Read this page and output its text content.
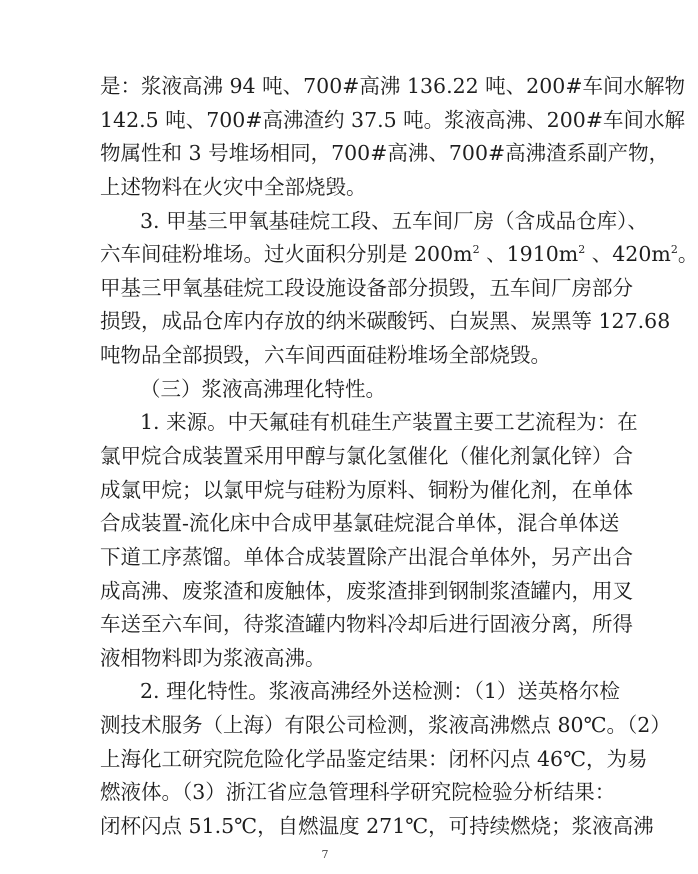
是：浆液高沸 94 吨、700#高沸 136.22 吨、200#车间水解物
142.5 吨、700#高沸渣约 37.5 吨。浆液高沸、200#车间水解
物属性和 3 号堆场相同，700#高沸、700#高沸渣系副产物，
上述物料在火灾中全部烧毁。
3. 甲基三甲氧基硅烷工段、五车间厂房（含成品仓库）、
六车间硅粉堆场。过火面积分别是 $200m^2$ 、$1910m^2$ 、$420m^2$。
甲基三甲氧基硅烷工段设施设备部分损毁，五车间厂房部分
损毁，成品仓库内存放的纳米碳酸钙、白炭黑、炭黑等 127.68
吨物品全部损毁，六车间西面硅粉堆场全部烧毁。
（三）浆液高沸理化特性。
1. 来源。中天氟硅有机硅生产装置主要工艺流程为：在
氯甲烷合成装置采用甲醇与氯化氢催化（催化剂氯化锌）合
成氯甲烷；以氯甲烷与硅粉为原料、铜粉为催化剂，在单体
合成装置-流化床中合成甲基氯硅烷混合单体，混合单体送
下道工序蒸馏。单体合成装置除产出混合单体外，另产出合
成高沸、废浆渣和废触体，废浆渣排到钢制浆渣罐内，用叉
车送至六车间，待浆渣罐内物料冷却后进行固液分离，所得
液相物料即为浆液高沸。
2. 理化特性。浆液高沸经外送检测：（1）送英格尔检
测技术服务（上海）有限公司检测，浆液高沸燃点 80℃。（2）
上海化工研究院危险化学品鉴定结果：闭杯闪点 46℃，为易
燃液体。（3）浙江省应急管理科学研究院检验分析结果：
闭杯闪点 51.5℃，自燃温度 271℃，可持续燃烧；浆液高沸
7
